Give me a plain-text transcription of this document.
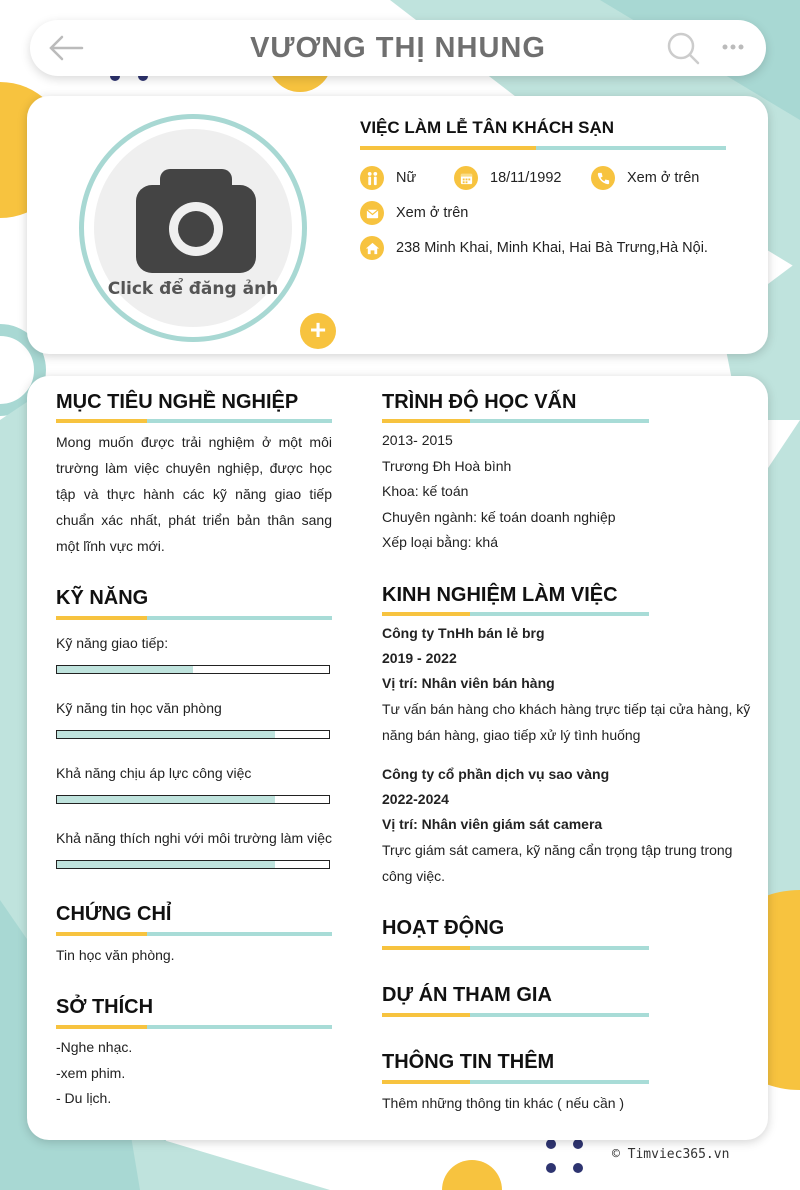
VƯƠNG THỊ NHUNG
Click để đăng ảnh
+
VIỆC LÀM LỄ TÂN KHÁCH SẠN
Nữ	18/11/1992	Xem ở trên
Xem ở trên
238 Minh Khai, Minh Khai, Hai Bà Trưng,Hà Nội.
MỤC TIÊU NGHỀ NGHIỆP
Mong muốn được trải nghiệm ở một môi trường làm việc chuyên nghiệp, được học tập và thực hành các kỹ năng giao tiếp chuẩn xác nhất, phát triển bản thân sang một lĩnh vực mới.
KỸ NĂNG
Kỹ năng giao tiếp:
Kỹ năng tin học văn phòng
Khả năng chịu áp lực công việc
Khả năng thích nghi với môi trường làm việc
CHỨNG CHỈ
Tin học văn phòng.
SỞ THÍCH
-Nghe nhạc.
-xem phim.
- Du lịch.
TRÌNH ĐỘ HỌC VẤN
2013- 2015
Trương Đh Hoà bình
Khoa: kế toán
Chuyên ngành: kế toán doanh nghiệp
Xếp loại bằng: khá
KINH NGHIỆM LÀM VIỆC
Công ty TnHh bán lẻ brg
2019 - 2022
Vị trí: Nhân viên bán hàng
Tư vấn bán hàng cho khách hàng trực tiếp tại cửa hàng, kỹ năng bán hàng, giao tiếp xử lý tình huống
Công ty cổ phần dịch vụ sao vàng
2022-2024
Vị trí: Nhân viên giám sát camera
Trực giám sát camera, kỹ năng cẩn trọng tập trung trong công việc.
HOẠT ĐỘNG
DỰ ÁN THAM GIA
THÔNG TIN THÊM
Thêm những thông tin khác ( nếu cần )
© Timviec365.vn
